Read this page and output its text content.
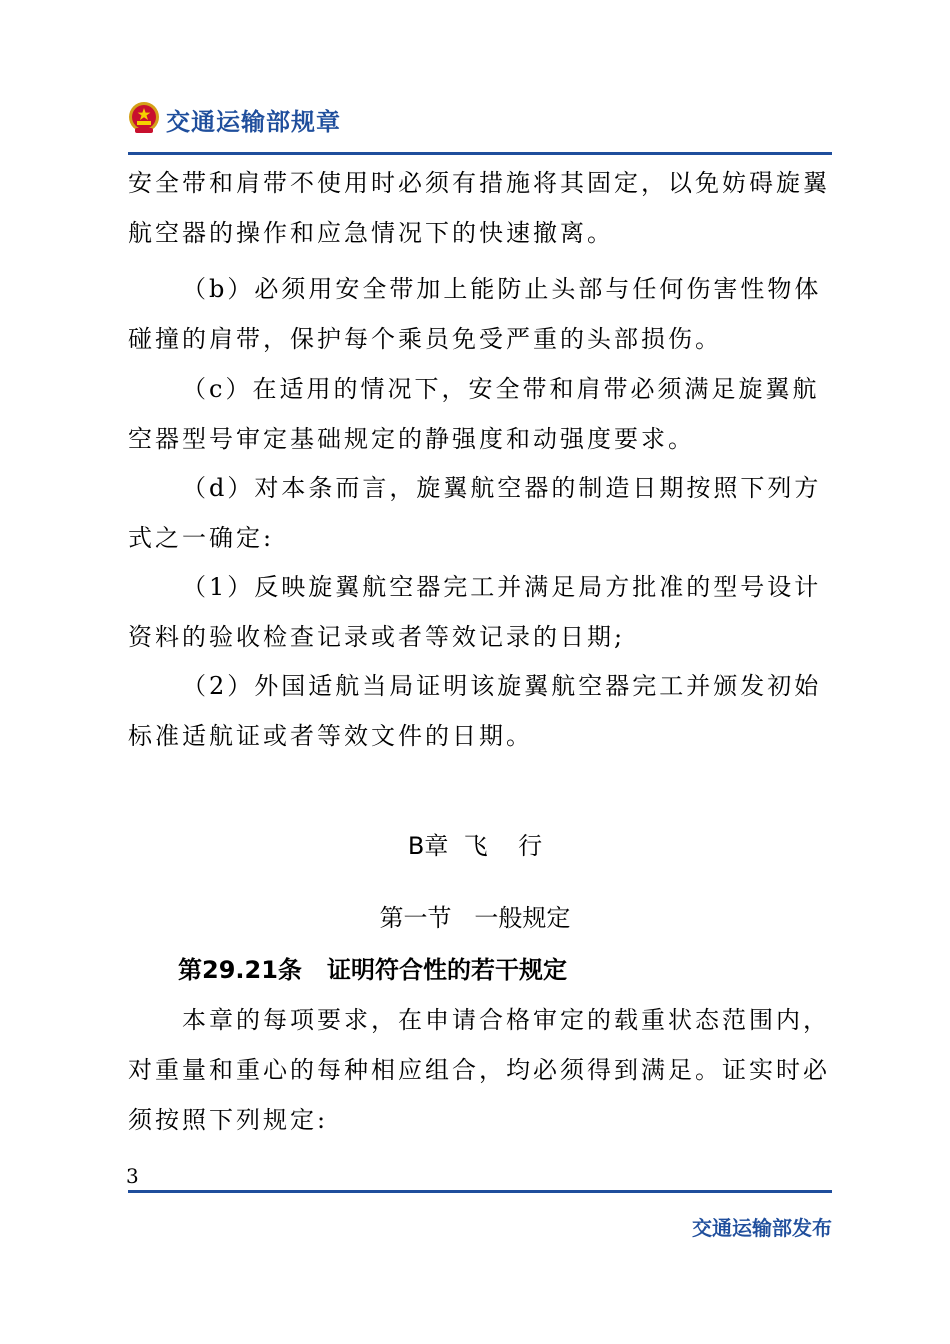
交通运输部规章

安全带和肩带不使用时必须有措施将其固定，以免妨碍旋翼航空器的操作和应急情况下的快速撤离。

（b）必须用安全带加上能防止头部与任何伤害性物体碰撞的肩带，保护每个乘员免受严重的头部损伤。

（c）在适用的情况下，安全带和肩带必须满足旋翼航空器型号审定基础规定的静强度和动强度要求。

（d）对本条而言，旋翼航空器的制造日期按照下列方式之一确定:

（1）反映旋翼航空器完工并满足局方批准的型号设计资料的验收检查记录或者等效记录的日期;

（2）外国适航当局证明该旋翼航空器完工并颁发初始标准适航证或者等效文件的日期。

B章  飞    行
第一节   一般规定
第29.21条   证明符合性的若干规定

本章的每项要求，在申请合格审定的载重状态范围内，对重量和重心的每种相应组合，均必须得到满足。证实时必须按照下列规定:

3
交通运输部发布
